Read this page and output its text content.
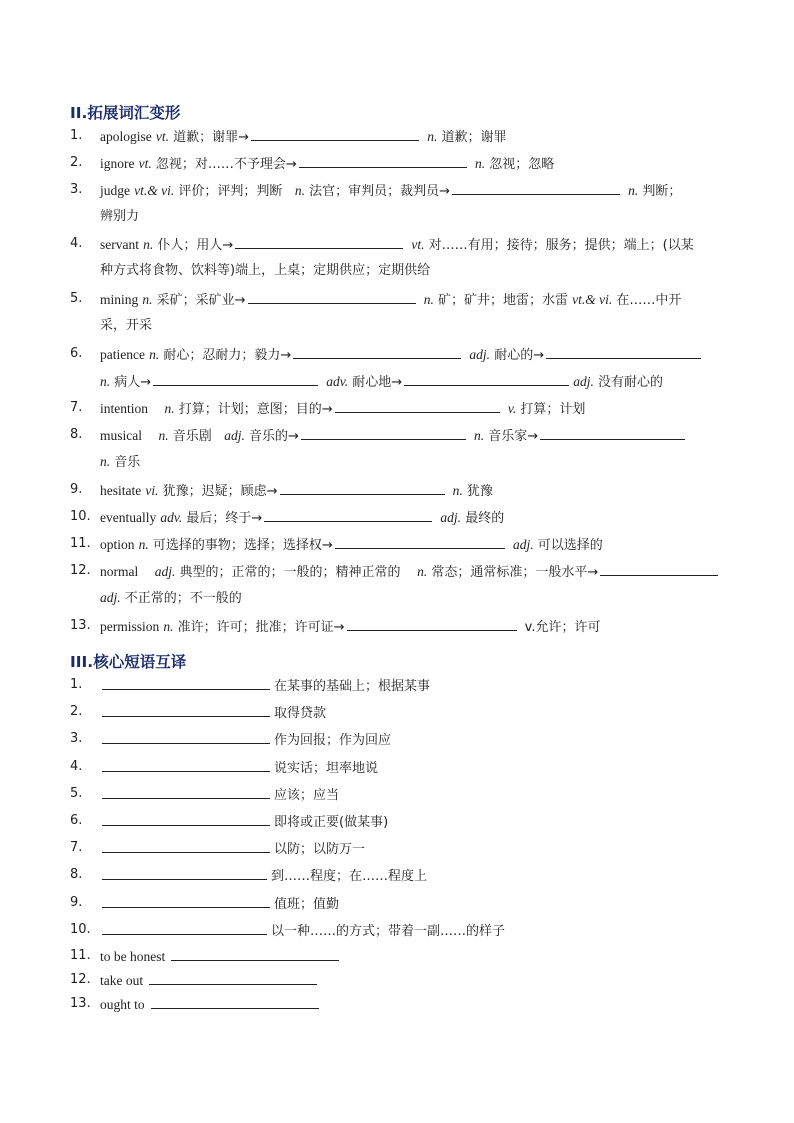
II.拓展词汇变形
1.	apologise vt. 道歉；谢罪→	n. 道歉；谢罪
2.	ignore vt. 忽视；对……不予理会→	n. 忽视；忽略
3.	judge vt.& vi. 评价；评判；判断 n. 法官；审判员；裁判员→	n. 判断；
辨别力
4.	servant n. 仆人；用人→	vt. 对……有用；接待；服务；提供；端上；(以某
种方式将食物、饮料等)端上，上桌；定期供应；定期供给
5.	mining n. 采矿；采矿业→	n. 矿；矿井；地雷；水雷 vt.& vi. 在……中开
采，开采
6.	patience n. 耐心；忍耐力；毅力→	adj. 耐心的→
n. 病人→	adv. 耐心地→	adj. 没有耐心的
7.	intention n. 打算；计划；意图；目的→	v. 打算；计划
8.	musical n. 音乐剧 adj. 音乐的→	n. 音乐家→
n. 音乐
9.	hesitate vi. 犹豫；迟疑；顾虑→	n. 犹豫
10. eventually adv. 最后；终于→	adj. 最终的
11. option n. 可选择的事物；选择；选择权→	adj. 可以选择的
12. normal adj. 典型的；正常的；一般的；精神正常的 n. 常态；通常标准；一般水平→
adj. 不正常的；不一般的
13. permission n. 准许；许可；批准；许可证→	v.允许；许可
III.核心短语互译
1.	在某事的基础上；根据某事
2.	取得贷款
3.	作为回报；作为回应
4.	说实话；坦率地说
5.	应该；应当
6.	即将或正要(做某事)
7.	以防；以防万一
8.	到……程度；在……程度上
9.	值班；值勤
10.	以一种……的方式；带着一副……的样子
11. to be honest
12. take out
13. ought to
